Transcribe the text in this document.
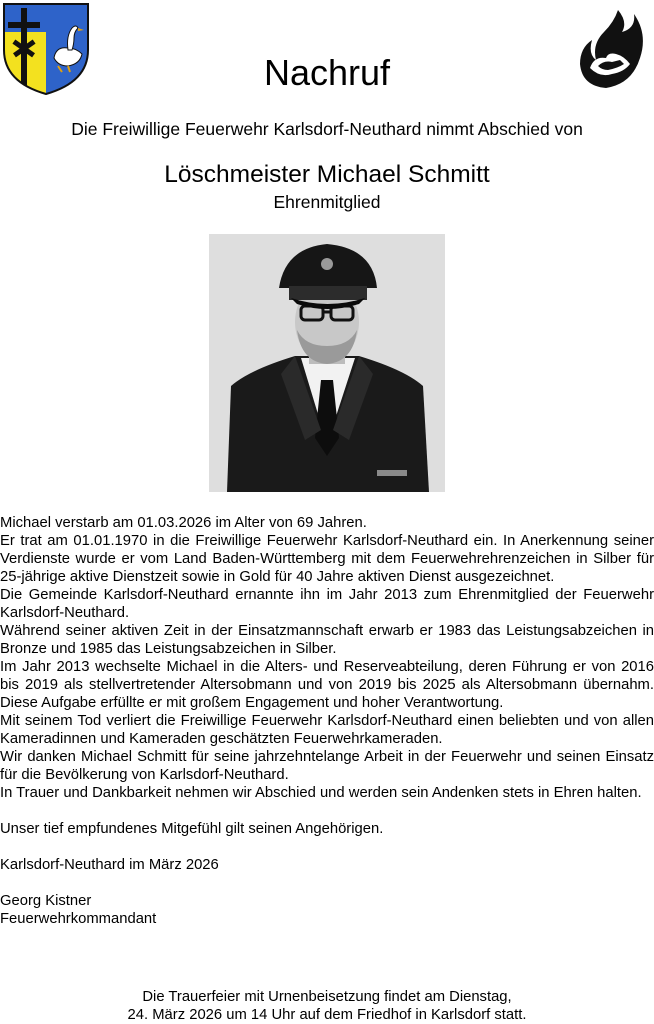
Nachruf
Die Freiwillige Feuerwehr Karlsdorf-Neuthard nimmt Abschied von
Löschmeister Michael Schmitt
Ehrenmitglied

Michael verstarb am 01.03.2026 im Alter von 69 Jahren.

Er trat am 01.01.1970 in die Freiwillige Feuerwehr Karlsdorf-Neuthard ein. In Anerkennung seiner Verdienste wurde er vom Land Baden-Württemberg mit dem Feuerwehrehrenzeichen in Silber für 25-jährige aktive Dienstzeit sowie in Gold für 40 Jahre aktiven Dienst ausgezeichnet.

Die Gemeinde Karlsdorf-Neuthard ernannte ihn im Jahr 2013 zum Ehrenmitglied der Feuerwehr Karlsdorf-Neuthard.

Während seiner aktiven Zeit in der Einsatzmannschaft erwarb er 1983 das Leistungsabzeichen in Bronze und 1985 das Leistungsabzeichen in Silber.

Im Jahr 2013 wechselte Michael in die Alters- und Reserveabteilung, deren Führung er von 2016 bis 2019 als stellvertretender Altersobmann und von 2019 bis 2025 als Altersobmann übernahm. Diese Aufgabe erfüllte er mit großem Engagement und hoher Verantwortung.

Mit seinem Tod verliert die Freiwillige Feuerwehr Karlsdorf-Neuthard einen beliebten und von allen Kameradinnen und Kameraden geschätzten Feuerwehrkameraden.

Wir danken Michael Schmitt für seine jahrzehntelange Arbeit in der Feuerwehr und seinen Einsatz für die Bevölkerung von Karlsdorf-Neuthard.

In Trauer und Dankbarkeit nehmen wir Abschied und werden sein Andenken stets in Ehren halten.

Unser tief empfundenes Mitgefühl gilt seinen Angehörigen.

Karlsdorf-Neuthard im März 2026

Georg Kistner

Feuerwehrkommandant

Die Trauerfeier mit Urnenbeisetzung findet am Dienstag,
24. März 2026 um 14 Uhr auf dem Friedhof in Karlsdorf statt.
